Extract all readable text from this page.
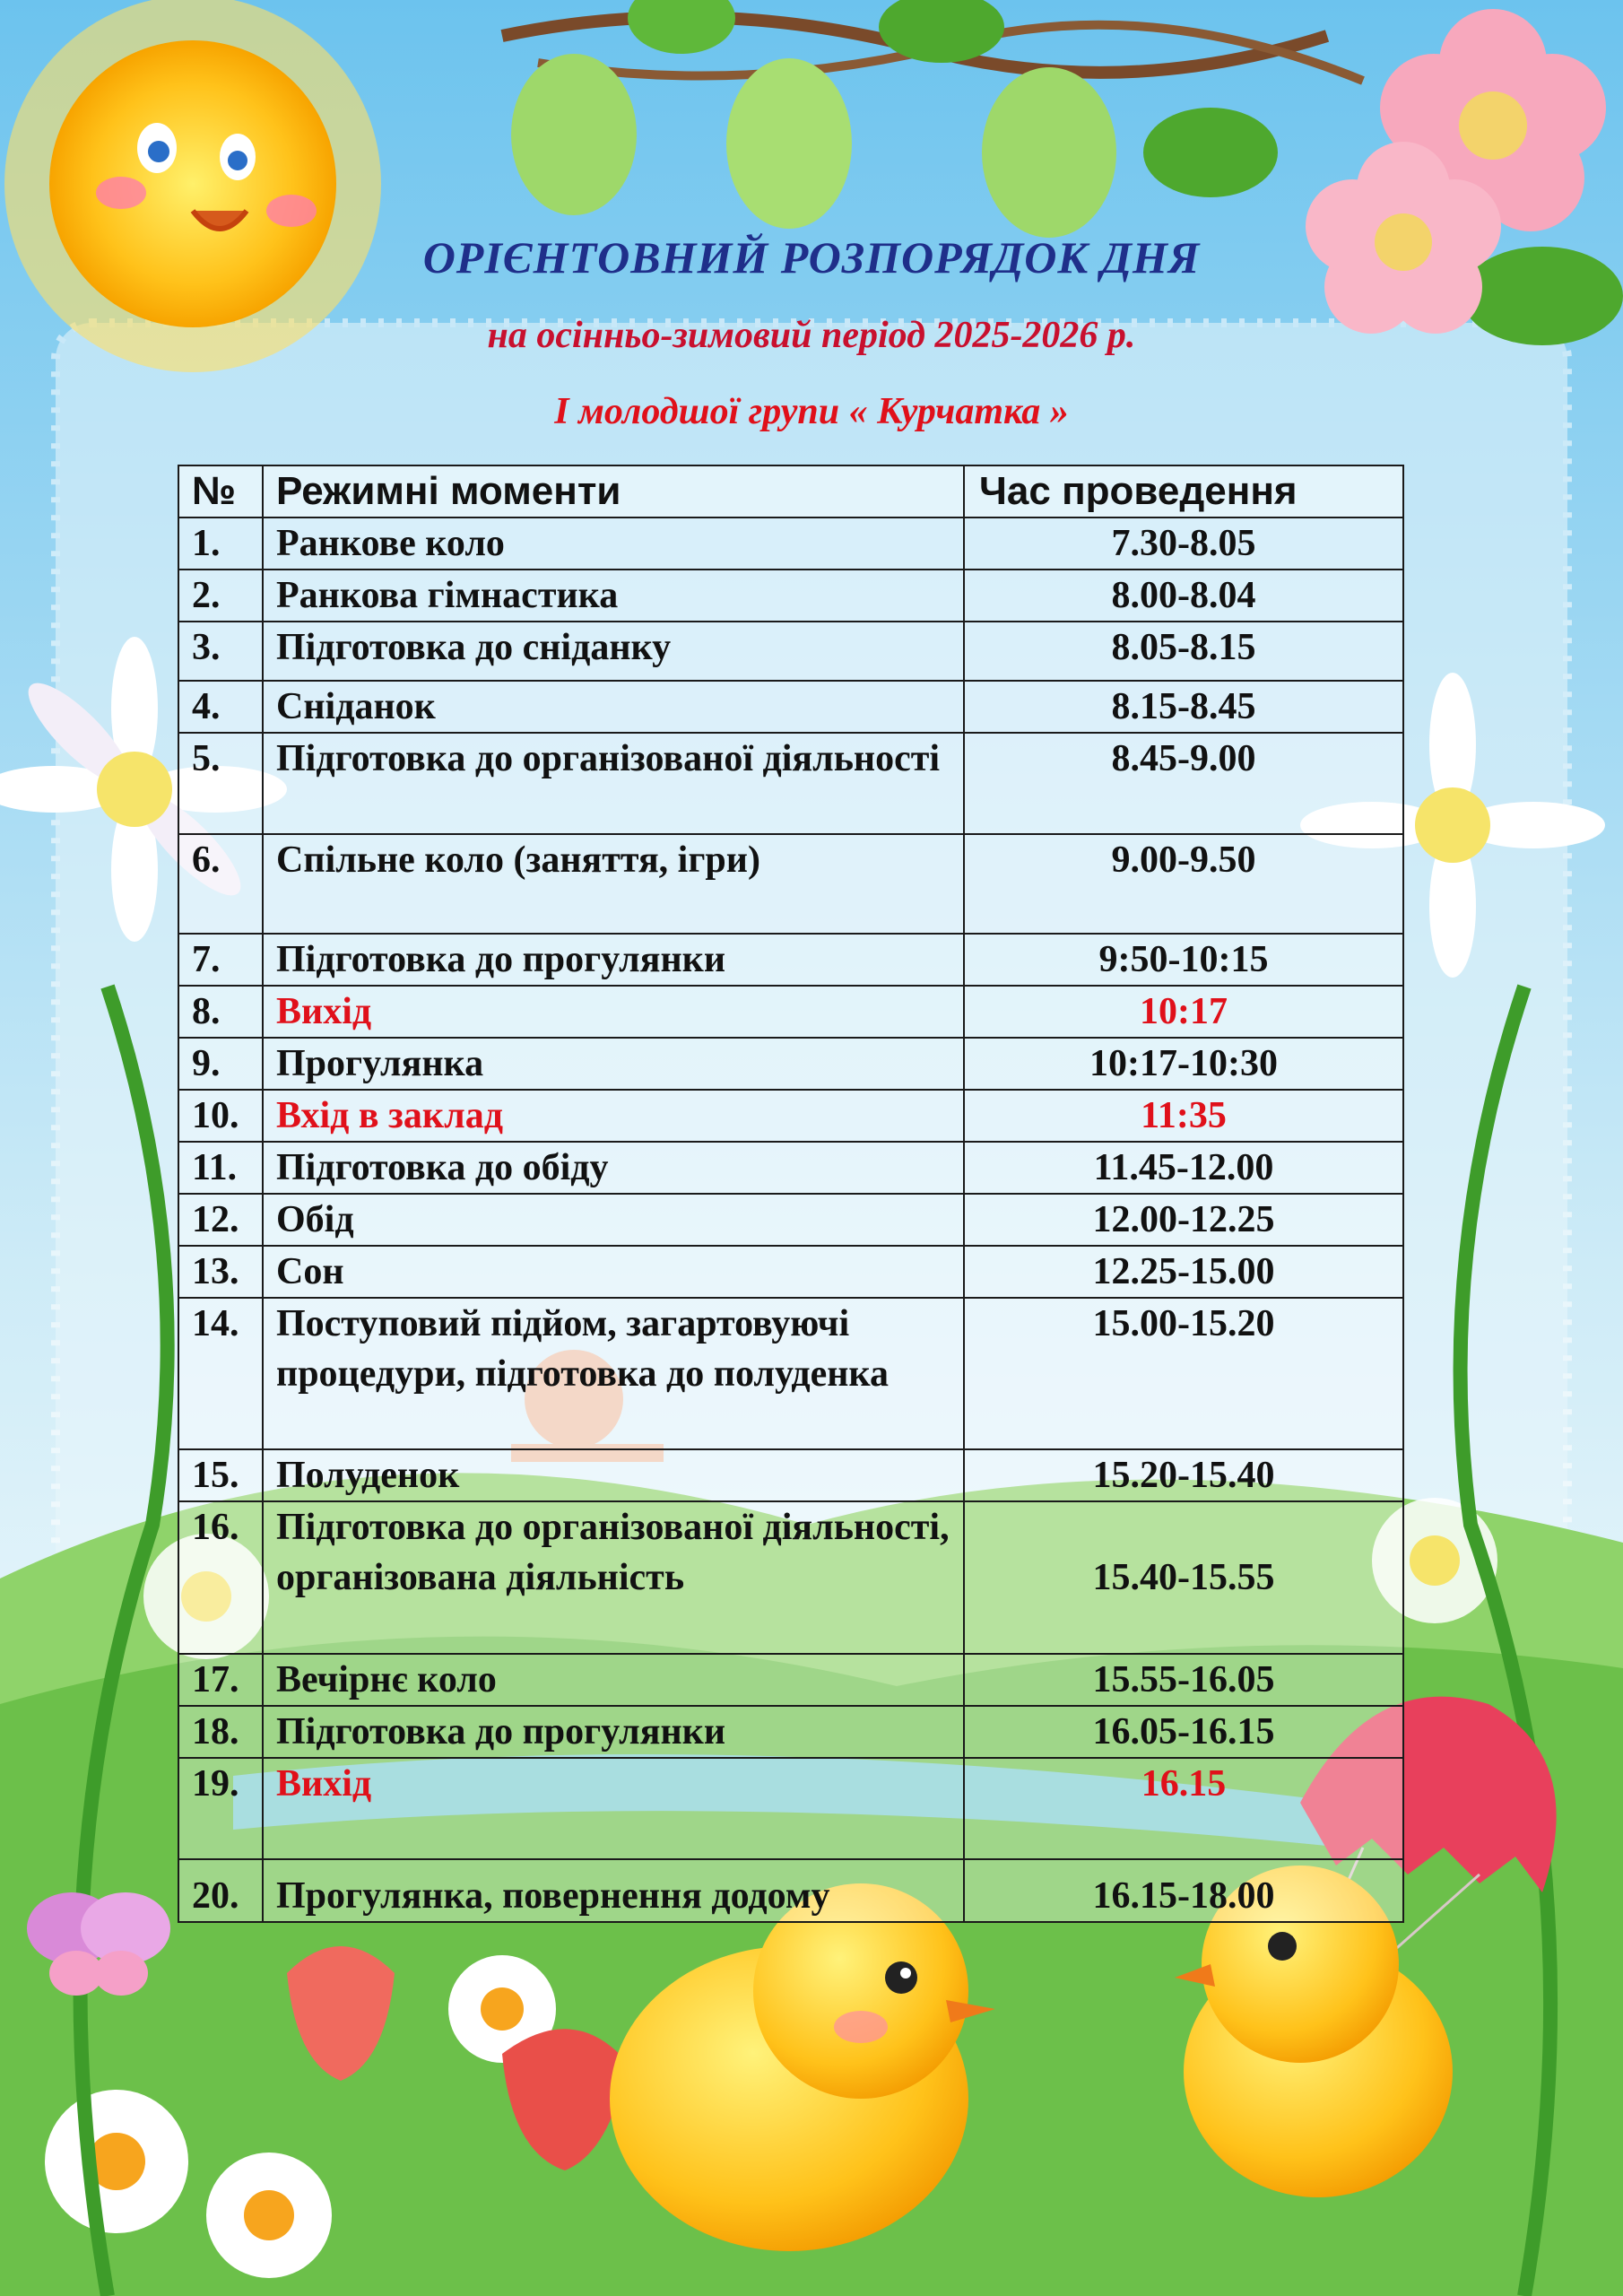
ОРІЄНТОВНИЙ РОЗПОРЯДОК ДНЯ
на осінньо-зимовий період 2025-2026 р.
І молодшої групи « Курчатка »
№	Режимні моменти	Час проведення
1.	Ранкове коло	7.30-8.05
2.	Ранкова гімнастика	8.00-8.04
3.	Підготовка до сніданку	8.05-8.15
4.	Сніданок	8.15-8.45
5.	Підготовка до організованої діяльності	8.45-9.00
6.	Спільне коло (заняття, ігри)	9.00-9.50
7.	Підготовка до прогулянки	9:50-10:15
8.	Вихід	10:17
9.	Прогулянка	10:17-10:30
10.	Вхід в заклад	11:35
11.	Підготовка до обіду	11.45-12.00
12.	Обід	12.00-12.25
13.	Сон	12.25-15.00
14.	Поступовий підйом, загартовуючі процедури, підготовка до полуденка	15.00-15.20
15.	Полуденок	15.20-15.40
16.	Підготовка до організованої діяльності, організована діяльність	15.40-15.55
17.	Вечірнє коло	15.55-16.05
18.	Підготовка до прогулянки	16.05-16.15
19.	Вихід	16.15
20.	Прогулянка, повернення додому	16.15-18.00
